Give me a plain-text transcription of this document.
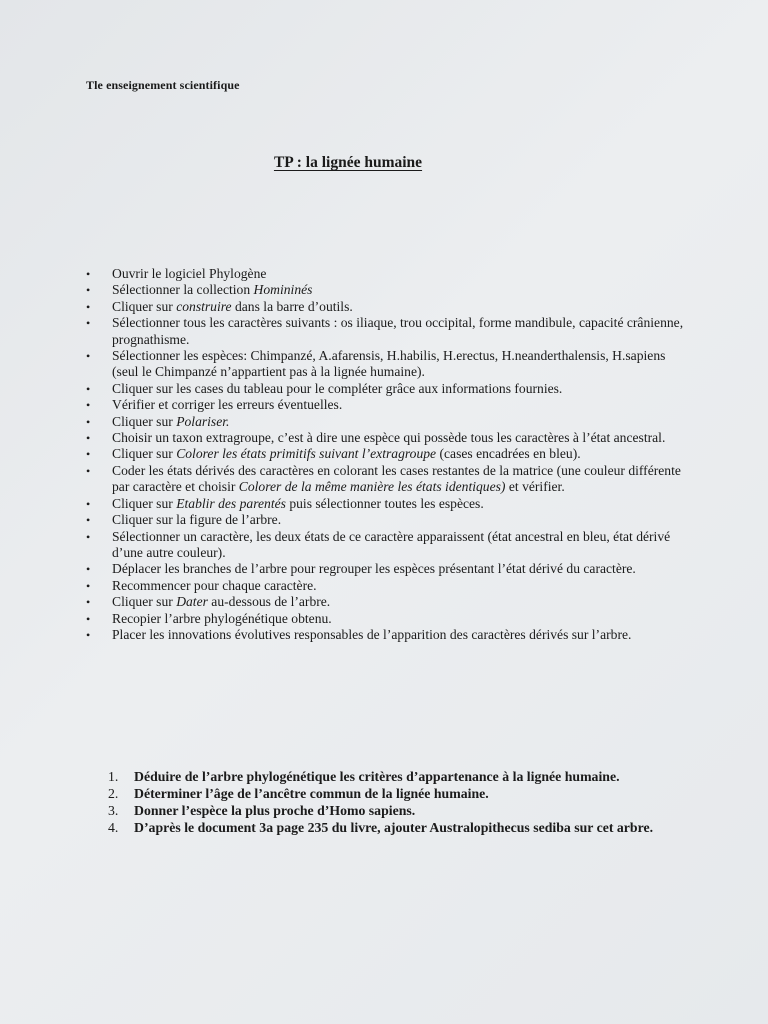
Tle enseignement scientifique
TP : la lignée humaine
• Ouvrir le logiciel Phylogène
• Sélectionner la collection Homininés
• Cliquer sur construire dans la barre d’outils.
• Sélectionner tous les caractères suivants : os iliaque, trou occipital, forme mandibule, capacité crânienne, prognathisme.
• Sélectionner les espèces: Chimpanzé, A.afarensis, H.habilis, H.erectus, H.neanderthalensis, H.sapiens (seul le Chimpanzé n’appartient pas à la lignée humaine).
• Cliquer sur les cases du tableau pour le compléter grâce aux informations fournies.
• Vérifier et corriger les erreurs éventuelles.
• Cliquer sur Polariser.
• Choisir un taxon extragroupe, c’est à dire une espèce qui possède tous les caractères à l’état ancestral.
• Cliquer sur Colorer les états primitifs suivant l’extragroupe (cases encadrées en bleu).
• Coder les états dérivés des caractères en colorant les cases restantes de la matrice (une couleur différente par caractère et choisir Colorer de la même manière les états identiques) et vérifier.
• Cliquer sur Etablir des parentés puis sélectionner toutes les espèces.
• Cliquer sur la figure de l’arbre.
• Sélectionner un caractère, les deux états de ce caractère apparaissent (état ancestral en bleu, état dérivé d’une autre couleur).
• Déplacer les branches de l’arbre pour regrouper les espèces présentant l’état dérivé du caractère.
• Recommencer pour chaque caractère.
• Cliquer sur Dater au-dessous de l’arbre.
• Recopier l’arbre phylogénétique obtenu.
• Placer les innovations évolutives responsables de l’apparition des caractères dérivés sur l’arbre.
1. Déduire de l’arbre phylogénétique les critères d’appartenance à la lignée humaine.
2. Déterminer l’âge de l’ancêtre commun de la lignée humaine.
3. Donner l’espèce la plus proche d’Homo sapiens.
4. D’après le document 3a page 235 du livre, ajouter Australopithecus sediba sur cet arbre.
